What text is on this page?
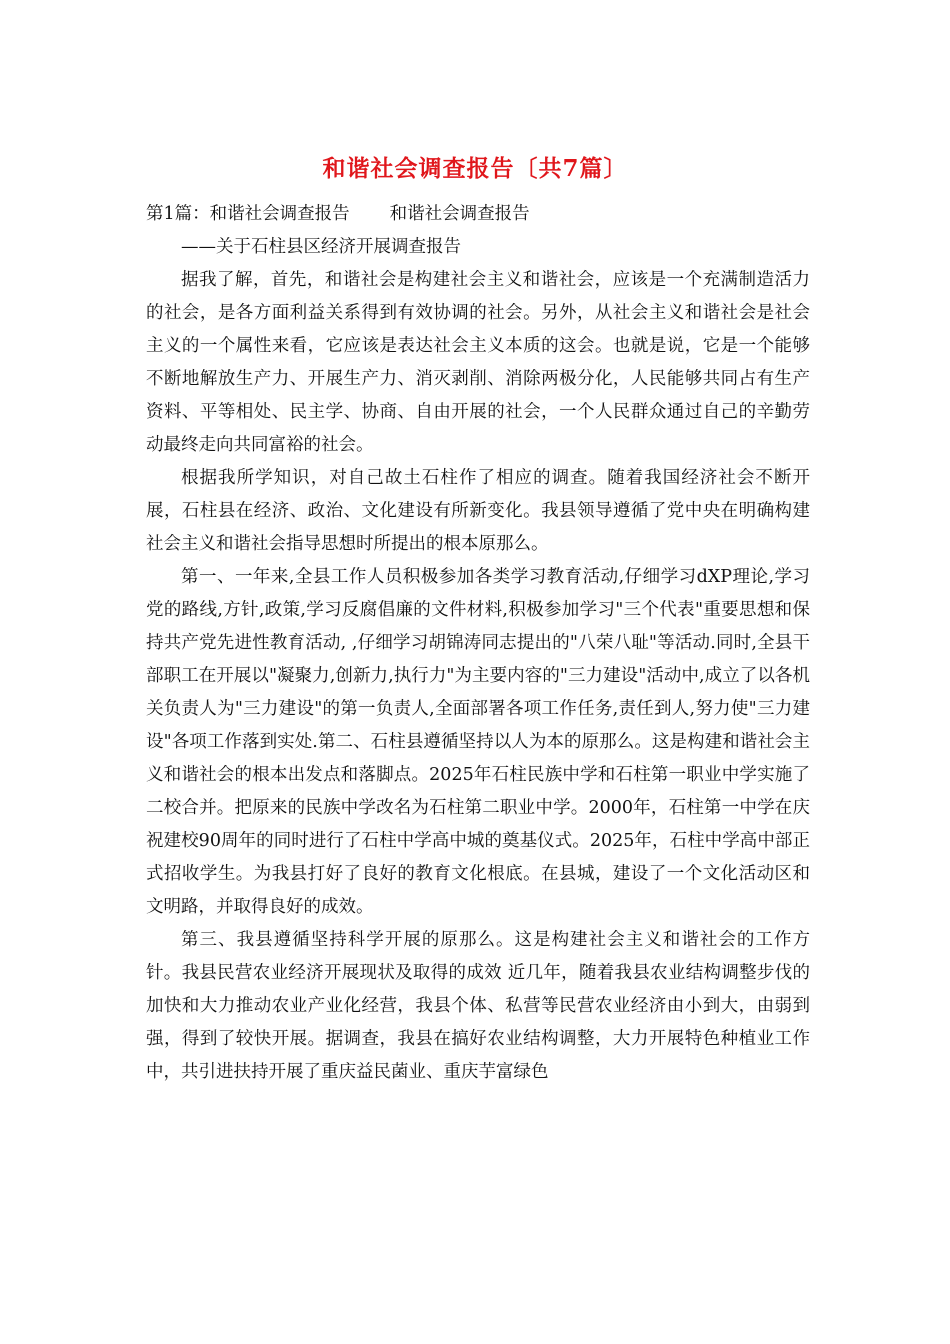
和谐社会调查报告〔共7篇〕

第1篇：和谐社会调查报告 和谐社会调查报告

——关于石柱县区经济开展调查报告

据我了解，首先，和谐社会是构建社会主义和谐社会，应该是一个充满制造活力的社会，是各方面利益关系得到有效协调的社会。另外，从社会主义和谐社会是社会主义的一个属性来看，它应该是表达社会主义本质的这会。也就是说，它是一个能够不断地解放生产力、开展生产力、消灭剥削、消除两极分化，人民能够共同占有生产资料、平等相处、民主学、协商、自由开展的社会，一个人民群众通过自己的辛勤劳动最终走向共同富裕的社会。

根据我所学知识，对自己故土石柱作了相应的调查。随着我国经济社会不断开展，石柱县在经济、政治、文化建设有所新变化。我县领导遵循了党中央在明确构建社会主义和谐社会指导思想时所提出的根本原那么。

第一、一年来,全县工作人员积极参加各类学习教育活动,仔细学习dXP理论,学习党的路线,方针,政策,学习反腐倡廉的文件材料,积极参加学习"三个代表"重要思想和保持共产党先进性教育活动, ,仔细学习胡锦涛同志提出的"八荣八耻"等活动.同时,全县干部职工在开展以"凝聚力,创新力,执行力"为主要内容的"三力建设"活动中,成立了以各机关负责人为"三力建设"的第一负责人,全面部署各项工作任务,责任到人,努力使"三力建设"各项工作落到实处.第二、石柱县遵循坚持以人为本的原那么。这是构建和谐社会主义和谐社会的根本出发点和落脚点。2025年石柱民族中学和石柱第一职业中学实施了二校合并。把原来的民族中学改名为石柱第二职业中学。2000年，石柱第一中学在庆祝建校90周年的同时进行了石柱中学高中城的奠基仪式。2025年，石柱中学高中部正式招收学生。为我县打好了良好的教育文化根底。在县城，建设了一个文化活动区和文明路，并取得良好的成效。

第三、我县遵循坚持科学开展的原那么。这是构建社会主义和谐社会的工作方针。我县民营农业经济开展现状及取得的成效 近几年，随着我县农业结构调整步伐的加快和大力推动农业产业化经营，我县个体、私营等民营农业经济由小到大，由弱到强，得到了较快开展。据调查，我县在搞好农业结构调整，大力开展特色种植业工作中，共引进扶持开展了重庆益民菌业、重庆芋富绿色
